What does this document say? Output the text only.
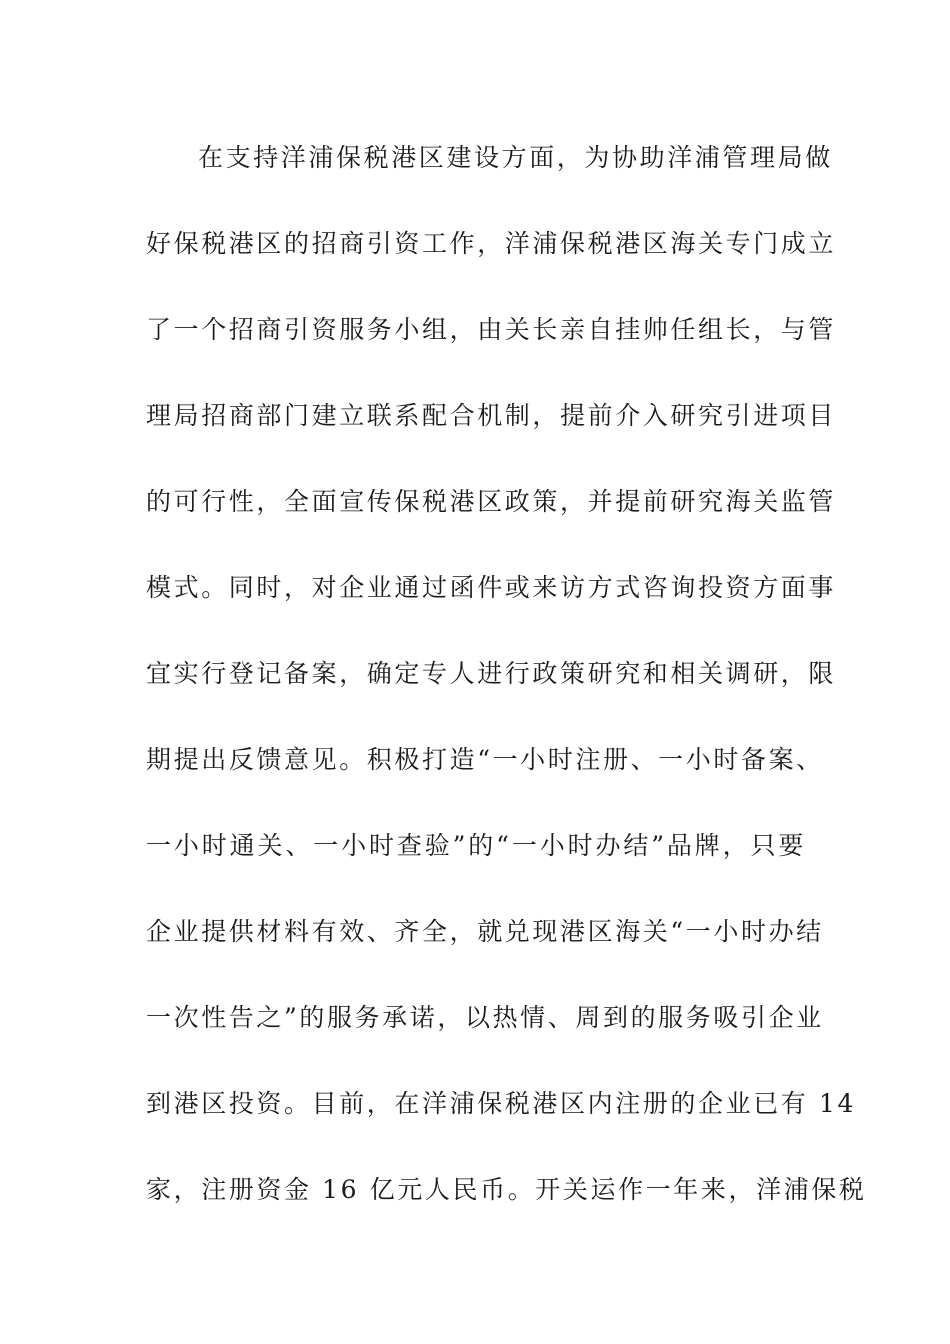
在支持洋浦保税港区建设方面，为协助洋浦管理局做
好保税港区的招商引资工作，洋浦保税港区海关专门成立
了一个招商引资服务小组，由关长亲自挂帅任组长，与管
理局招商部门建立联系配合机制，提前介入研究引进项目
的可行性，全面宣传保税港区政策，并提前研究海关监管
模式。同时，对企业通过函件或来访方式咨询投资方面事
宜实行登记备案，确定专人进行政策研究和相关调研，限
期提出反馈意见。积极打造“一小时注册、一小时备案、
一小时通关、一小时查验”的“一小时办结”品牌，只要
企业提供材料有效、齐全，就兑现港区海关“一小时办结
一次性告之”的服务承诺，以热情、周到的服务吸引企业
到港区投资。目前，在洋浦保税港区内注册的企业已有 14
家，注册资金 16 亿元人民币。开关运作一年来，洋浦保税
